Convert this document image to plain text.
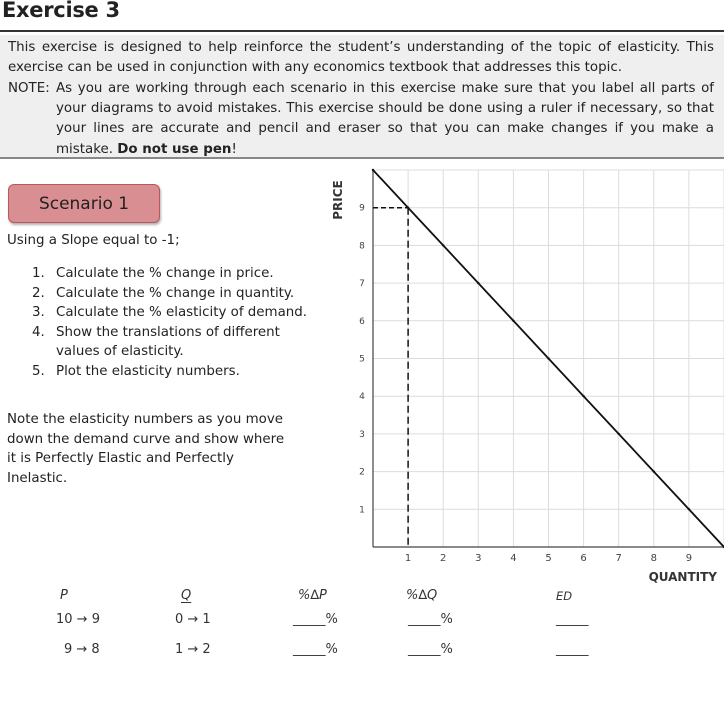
Exercise 3

This exercise is designed to help reinforce the student’s understanding of the topic of elasticity. This exercise can be used in conjunction with any economics textbook that addresses this topic.

NOTE: As you are working through each scenario in this exercise make sure that you label all parts of your diagrams to avoid mistakes. This exercise should be done using a ruler if necessary, so that your lines are accurate and pencil and eraser so that you can make changes if you make a mistake. Do not use pen!

Scenario 1
Using a Slope equal to -1;
1. Calculate the % change in price.
2. Calculate the % change in quantity.
3. Calculate the % elasticity of demand.
4. Show the translations of different values of elasticity.
5. Plot the elasticity numbers.
Note the elasticity numbers as you move down the demand curve and show where it is Perfectly Elastic and Perfectly Inelastic.
1	2	3	4	5	6	7	8	9
1
2
3
4
5
6
7
8
9
QUANTITY
PRICE
P	Q	%∆P	%∆Q	ED
10 → 9	0 → 1	_____%	_____%	_____
9 → 8	1 → 2	_____%	_____%	_____
